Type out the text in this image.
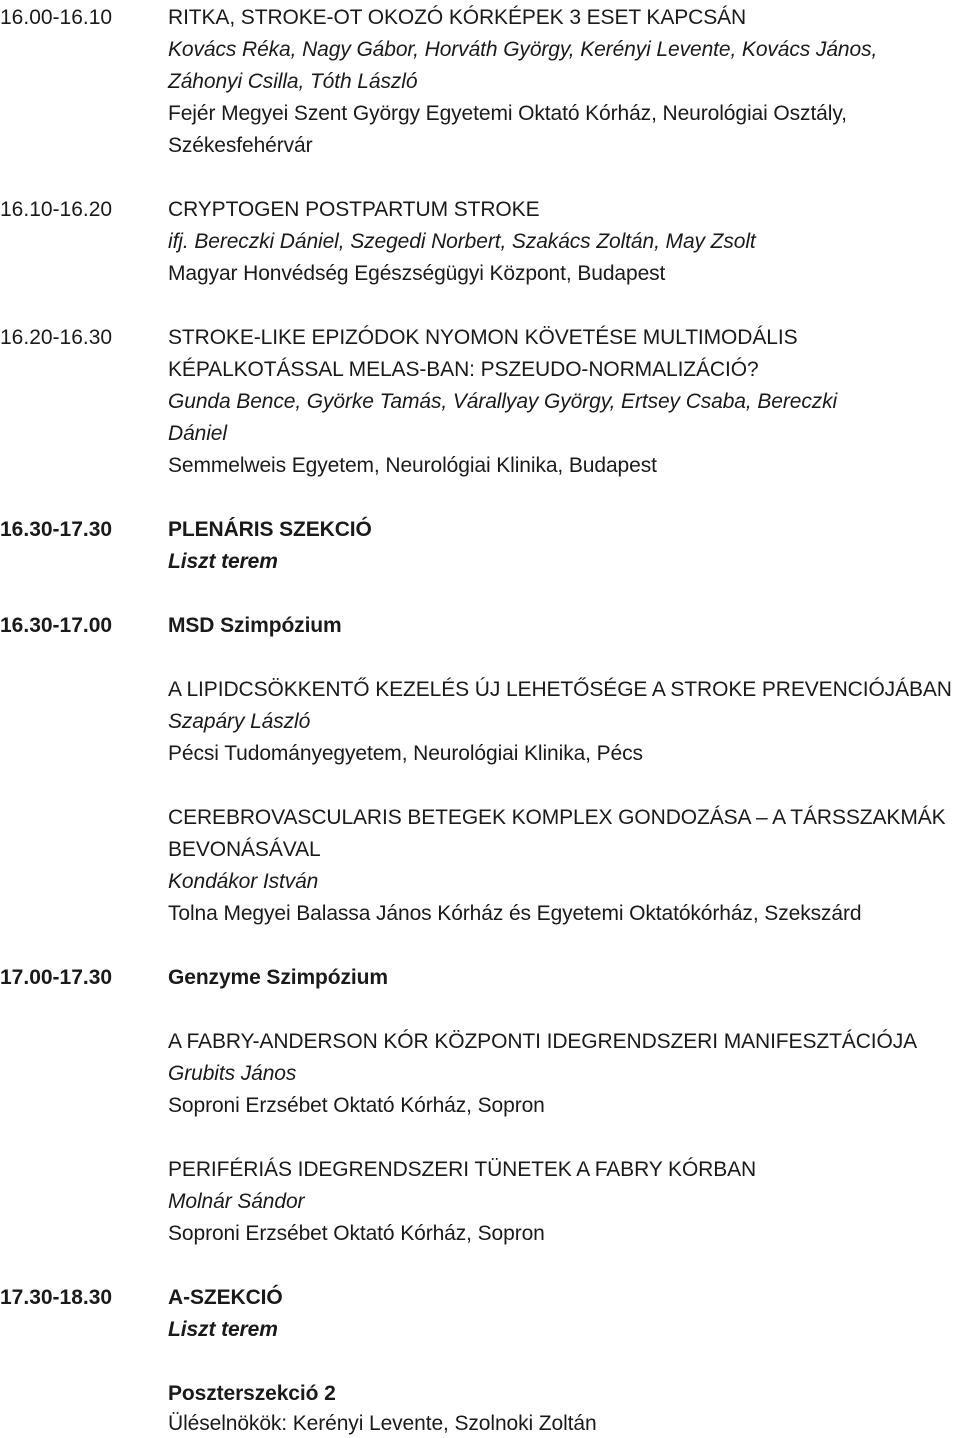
16.00-16.10	RITKA, STROKE-OT OKOZÓ KÓRKÉPEK 3 ESET KAPCSÁN
Kovács Réka, Nagy Gábor, Horváth György, Kerényi Levente, Kovács János,
Záhonyi Csilla, Tóth László
Fejér Megyei Szent György Egyetemi Oktató Kórház, Neurológiai Osztály,
Székesfehérvár
16.10-16.20	CRYPTOGEN POSTPARTUM STROKE
ifj. Bereczki Dániel, Szegedi Norbert, Szakács Zoltán, May Zsolt
Magyar Honvédség Egészségügyi Központ, Budapest
16.20-16.30	STROKE-LIKE EPIZÓDOK NYOMON KÖVETÉSE MULTIMODÁLIS
KÉPALKOTÁSSAL MELAS-BAN: PSZEUDO-NORMALIZÁCIÓ?
Gunda Bence, Györke Tamás, Várallyay György, Ertsey Csaba, Bereczki
Dániel
Semmelweis Egyetem, Neurológiai Klinika, Budapest
16.30-17.30	PLENÁRIS SZEKCIÓ
Liszt terem
16.30-17.00	MSD Szimpózium
A LIPIDCSÖKKENTŐ KEZELÉS ÚJ LEHETŐSÉGE A STROKE PREVENCIÓJÁBAN
Szapáry László
Pécsi Tudományegyetem, Neurológiai Klinika, Pécs
CEREBROVASCULARIS BETEGEK KOMPLEX GONDOZÁSA – A TÁRSSZAKMÁK
BEVONÁSÁVAL
Kondákor István
Tolna Megyei Balassa János Kórház és Egyetemi Oktatókórház, Szekszárd
17.00-17.30	Genzyme Szimpózium
A FABRY-ANDERSON KÓR KÖZPONTI IDEGRENDSZERI MANIFESZTÁCIÓJA
Grubits János
Soproni Erzsébet Oktató Kórház, Sopron
PERIFÉRIÁS IDEGRENDSZERI TÜNETEK A FABRY KÓRBAN
Molnár Sándor
Soproni Erzsébet Oktató Kórház, Sopron
17.30-18.30	A-SZEKCIÓ
Liszt terem
Poszterszekció 2
Üléselnökök: Kerényi Levente, Szolnoki Zoltán
